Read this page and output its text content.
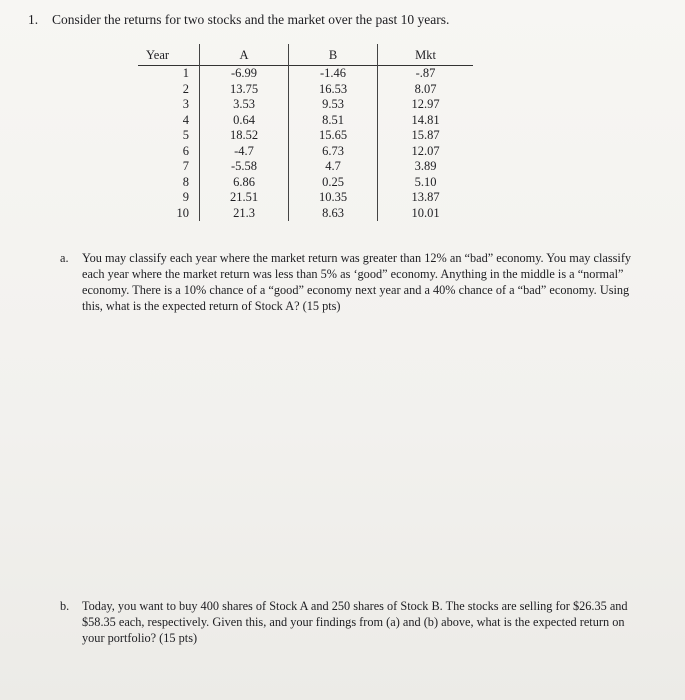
1. Consider the returns for two stocks and the market over the past 10 years.
Year	A	B	Mkt
1	-6.99	-1.46	-.87
2	13.75	16.53	8.07
3	3.53	9.53	12.97
4	0.64	8.51	14.81
5	18.52	15.65	15.87
6	-4.7	6.73	12.07
7	-5.58	4.7	3.89
8	6.86	0.25	5.10
9	21.51	10.35	13.87
10	21.3	8.63	10.01
a. You may classify each year where the market return was greater than 12% an “bad” economy. You may classify each year where the market return was less than 5% as ‘good” economy. Anything in the middle is a “normal” economy. There is a 10% chance of a “good” economy next year and a 40% chance of a “bad” economy. Using this, what is the expected return of Stock A? (15 pts)
b. Today, you want to buy 400 shares of Stock A and 250 shares of Stock B. The stocks are selling for $26.35 and $58.35 each, respectively. Given this, and your findings from (a) and (b) above, what is the expected return on your portfolio? (15 pts)
